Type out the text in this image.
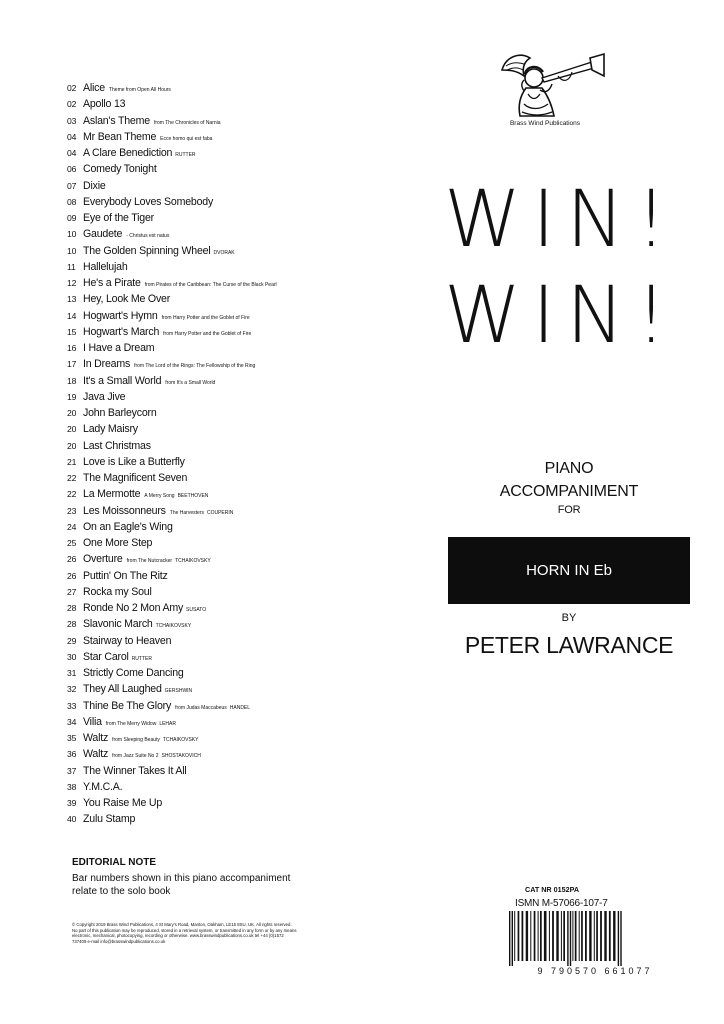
02 Alice Theme from Open All Hours
02 Apollo 13
03 Aslan's Theme from The Chronicles of Narnia
04 Mr Bean Theme Ecce homo qui est faba
04 A Clare Benediction RUTTER
06 Comedy Tonight
07 Dixie
08 Everybody Loves Somebody
09 Eye of the Tiger
10 Gaudete - Christus est natus
10 The Golden Spinning Wheel DVORAK
11 Hallelujah
12 He's a Pirate from Pirates of the Caribbean: The Curse of the Black Pearl
13 Hey, Look Me Over
14 Hogwart's Hymn from Harry Potter and the Goblet of Fire
15 Hogwart's March from Harry Potter and the Goblet of Fire
16 I Have a Dream
17 In Dreams from The Lord of the Rings: The Fellowship of the Ring
18 It's a Small World from It's a Small World
19 Java Jive
20 John Barleycorn
20 Lady Maisry
20 Last Christmas
21 Love is Like a Butterfly
22 The Magnificent Seven
22 La Mermotte A Merry Song BEETHOVEN
23 Les Moissonneurs The Harvesters COUPERIN
24 On an Eagle's Wing
25 One More Step
26 Overture from The Nutcracker TCHAIKOVSKY
26 Puttin' On The Ritz
27 Rocka my Soul
28 Ronde No 2 Mon Amy SUSATO
28 Slavonic March TCHAIKOVSKY
29 Stairway to Heaven
30 Star Carol RUTTER
31 Strictly Come Dancing
32 They All Laughed GERSHWIN
33 Thine Be The Glory from Judas Maccabeus HANDEL
34 Vilia from The Merry Widow LEHAR
35 Waltz from Sleeping Beauty TCHAIKOVSKY
36 Waltz from Jazz Suite No 2 SHOSTAKOVICH
37 The Winner Takes It All
38 Y.M.C.A.
39 You Raise Me Up
40 Zulu Stamp
Brass Wind Publications
WIN!
WIN!
PIANO
ACCOMPANIMENT
FOR
HORN IN Eb
BY
PETER LAWRANCE
EDITORIAL NOTE
Bar numbers shown in this piano accompaniment relate to the solo book
© Copyright 2019 Brass Wind Publications, 4 St Mary's Road, Manton, Oakham, LE15 8SU, UK. All rights reserved. No part of this publication may be reproduced, stored in a retrieval system, or transmitted in any form or by any means electronic, mechanical, photocopying, recording or otherwise. www.brasswindpublications.co.uk tel +44 (0)1572 737409 e-mail info@brasswindpublications.co.uk
CAT NR 0152PA
ISMN M-57066-107-7
9 790570 661077
